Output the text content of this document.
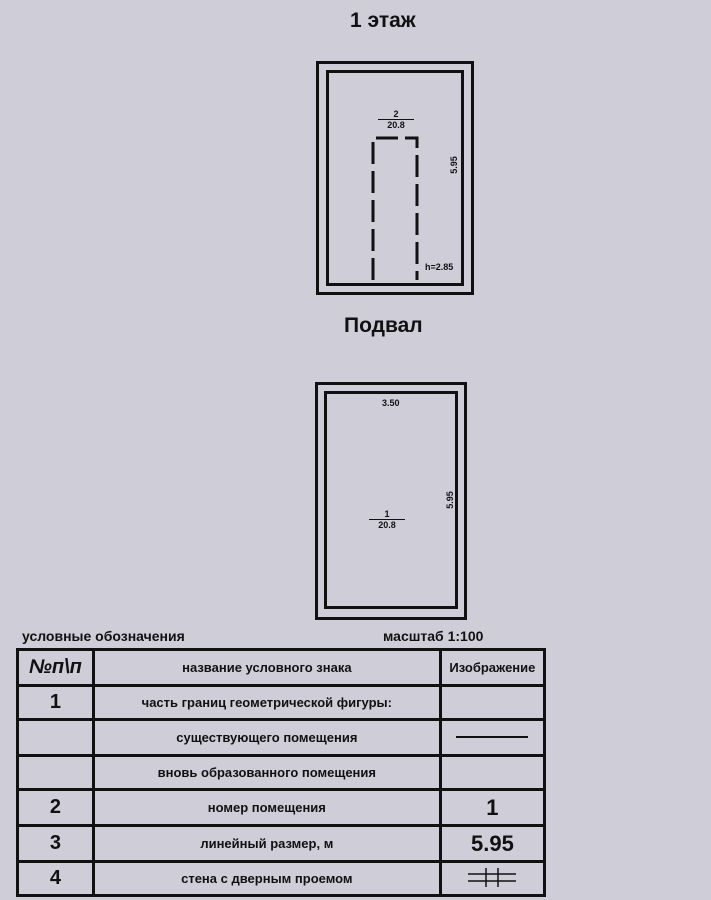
1 этаж
$\frac{2}{20.8}$
5.95
h=2.85
Подвал
3.50
5.95
$\frac{1}{20.8}$
условные обозначения	масштаб 1:100
№п\п	название условного знака	Изображение
1	часть границ геометрической фигуры:	
	существующего помещения	
	вновь образованного помещения	
2	номер помещения	1
3	линейный размер, м	5.95
4	стена с дверным проемом	
